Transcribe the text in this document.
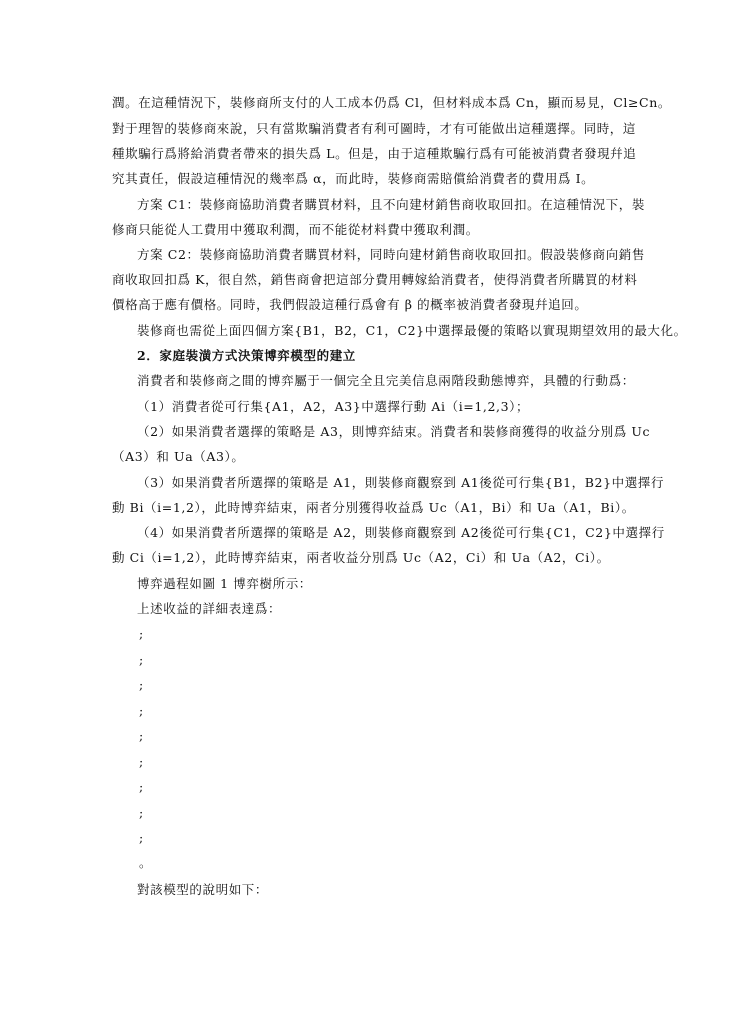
潤。在這種情況下，裝修商所支付的人工成本仍爲 Cl，但材料成本爲 Cn，顯而易見，Cl≥Cn。
對于理智的裝修商來說，只有當欺騙消費者有利可圖時，才有可能做出這種選擇。同時，這
種欺騙行爲將給消費者帶來的損失爲 L。但是，由于這種欺騙行爲有可能被消費者發現幷追
究其責任，假設這種情況的幾率爲 α，而此時，裝修商需賠償給消費者的費用爲 I。
方案 C1：裝修商協助消費者購買材料，且不向建材銷售商收取回扣。在這種情況下，裝
修商只能從人工費用中獲取利潤，而不能從材料費中獲取利潤。
方案 C2：裝修商協助消費者購買材料，同時向建材銷售商收取回扣。假設裝修商向銷售
商收取回扣爲 K，很自然，銷售商會把這部分費用轉嫁給消費者，使得消費者所購買的材料
價格高于應有價格。同時，我們假設這種行爲會有 β 的概率被消費者發現幷追回。
裝修商也需從上面四個方案{B1，B2，C1，C2}中選擇最優的策略以實現期望效用的最大化。
2．家庭裝潢方式決策博弈模型的建立
消費者和裝修商之間的博弈屬于一個完全且完美信息兩階段動態博弈，具體的行動爲：
（1）消費者從可行集{A1，A2，A3}中選擇行動 Ai（i=1,2,3）；
（2）如果消費者選擇的策略是 A3，則博弈結束。消費者和裝修商獲得的收益分別爲 Uc
（A3）和 Ua（A3）。
（3）如果消費者所選擇的策略是 A1，則裝修商觀察到 A1後從可行集{B1，B2}中選擇行
動 Bi（i=1,2），此時博弈結束，兩者分別獲得收益爲 Uc（A1，Bi）和 Ua（A1，Bi）。
（4）如果消費者所選擇的策略是 A2，則裝修商觀察到 A2後從可行集{C1，C2}中選擇行
動 Ci（i=1,2），此時博弈結束，兩者收益分別爲 Uc（A2，Ci）和 Ua（A2，Ci）。
博弈過程如圖 1 博弈樹所示：
上述收益的詳細表達爲：
;
;
;
;
;
;
;
;
;
。
對該模型的說明如下：
